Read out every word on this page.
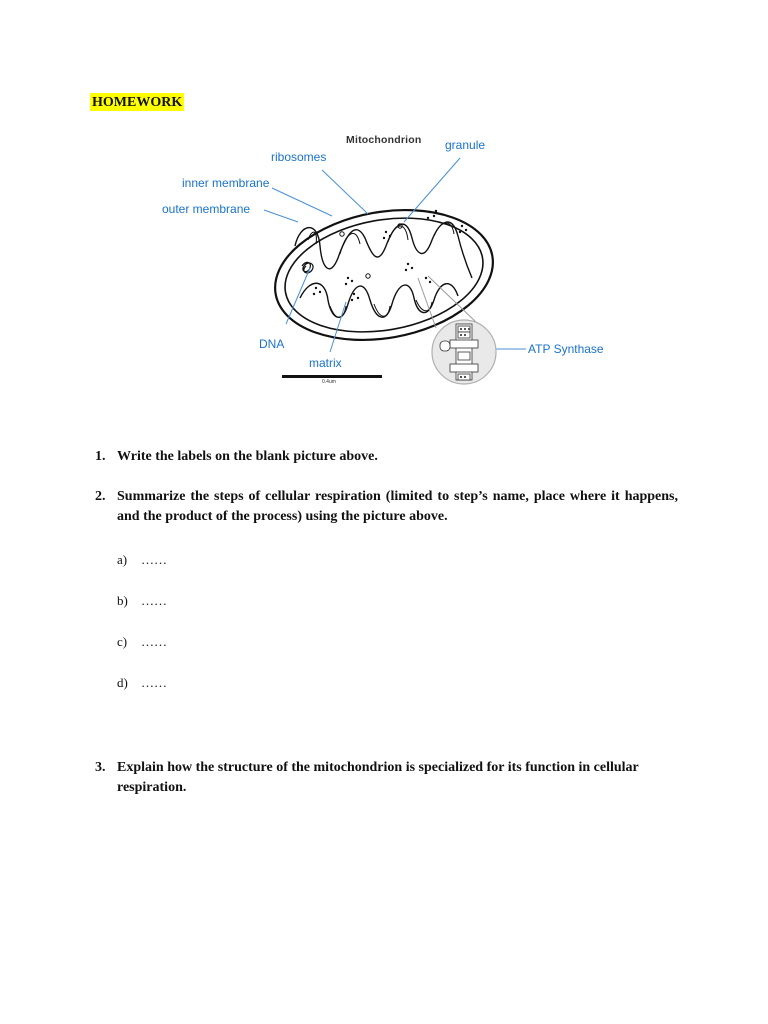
HOMEWORK
Mitochondrion granule
ribosomes
inner membrane
outer membrane
DNA
matrix
ATP Synthase
0.4um
1. Write the labels on the blank picture above.
2. Summarize the steps of cellular respiration (limited to step’s name, place where it happens, and the product of the process) using the picture above.
a) ……
b) ……
c) ……
d) ……
3. Explain how the structure of the mitochondrion is specialized for its function in cellular respiration.
